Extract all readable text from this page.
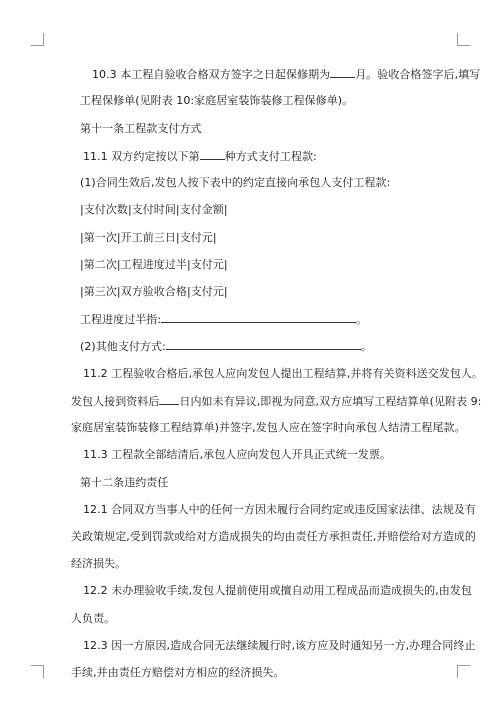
10.3 本工程自验收合格双方签字之日起保修期为 月。验收合格签字后,填写
工程保修单(见附表 10:家庭居室装饰装修工程保修单)。
第十一条工程款支付方式
11.1 双方约定按以下第 种方式支付工程款:
(1)合同生效后,发包人按下表中的约定直接向承包人支付工程款:
|支付次数|支付时间|支付金额|
|第一次|开工前三日|支付元|
|第二次|工程进度过半|支付元|
|第三次|双方验收合格|支付元|
工程进度过半指:	。
(2)其他支付方式:	。
11.2 工程验收合格后,承包人应向发包人提出工程结算,并将有关资料送交发包人。
发包人接到资料后 日内如未有异议,即视为同意,双方应填写工程结算单(见附表 9:
家庭居室装饰装修工程结算单)并签字,发包人应在签字时向承包人结清工程尾款。
11.3 工程款全部结清后,承包人应向发包人开具正式统一发票。
第十二条违约责任
12.1 合同双方当事人中的任何一方因未履行合同约定或违反国家法律、法规及有
关政策规定,受到罚款或给对方造成损失的均由责任方承担责任,并赔偿给对方造成的
经济损失。
12.2 未办理验收手续,发包人提前使用或擅自动用工程成品而造成损失的,由发包
人负责。
12.3 因一方原因,造成合同无法继续履行时,该方应及时通知另一方,办理合同终止
手续,并由责任方赔偿对方相应的经济损失。
